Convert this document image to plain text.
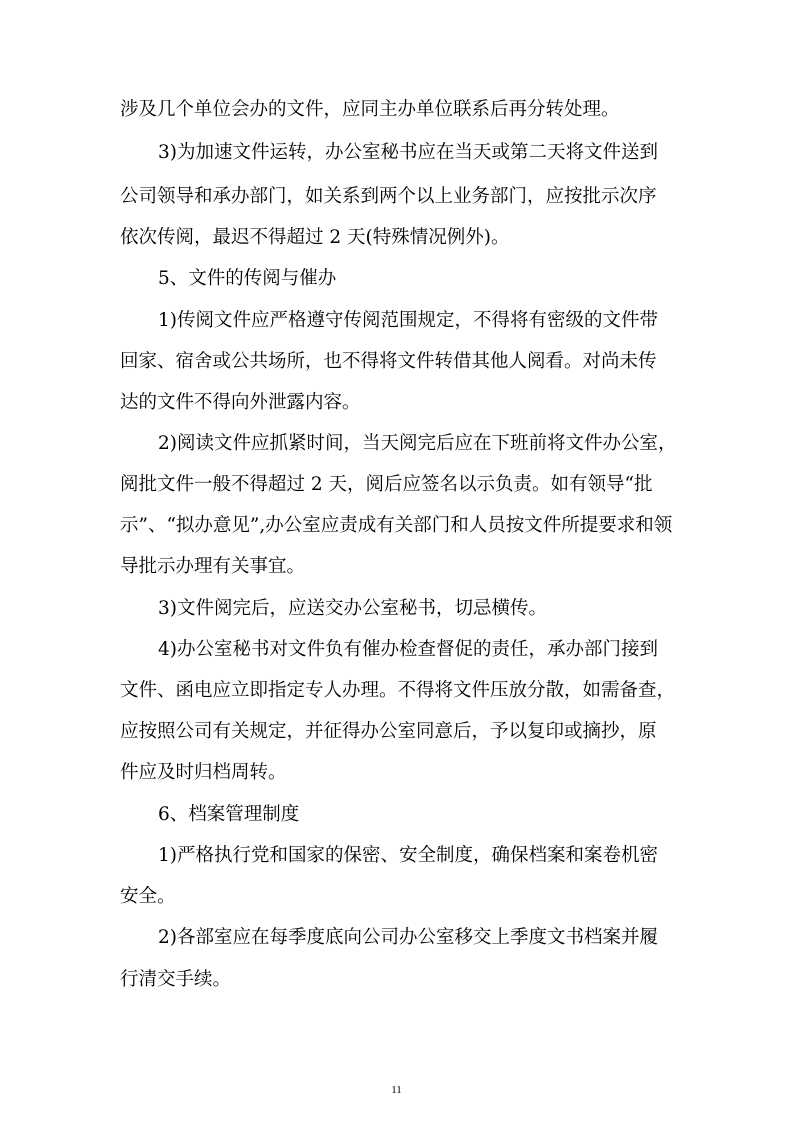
涉及几个单位会办的文件，应同主办单位联系后再分转处理。
3)为加速文件运转，办公室秘书应在当天或第二天将文件送到
公司领导和承办部门，如关系到两个以上业务部门，应按批示次序
依次传阅，最迟不得超过 2 天(特殊情况例外)。
5、文件的传阅与催办
1)传阅文件应严格遵守传阅范围规定，不得将有密级的文件带
回家、宿舍或公共场所，也不得将文件转借其他人阅看。对尚未传
达的文件不得向外泄露内容。
2)阅读文件应抓紧时间，当天阅完后应在下班前将文件办公室，
阅批文件一般不得超过 2 天，阅后应签名以示负责。如有领导“批
示”、“拟办意见”,办公室应责成有关部门和人员按文件所提要求和领
导批示办理有关事宜。
3)文件阅完后，应送交办公室秘书，切忌横传。
4)办公室秘书对文件负有催办检查督促的责任，承办部门接到
文件、函电应立即指定专人办理。不得将文件压放分散，如需备查，
应按照公司有关规定，并征得办公室同意后，予以复印或摘抄，原
件应及时归档周转。
6、档案管理制度
1)严格执行党和国家的保密、安全制度，确保档案和案卷机密
安全。
2)各部室应在每季度底向公司办公室移交上季度文书档案并履
行清交手续。
11
